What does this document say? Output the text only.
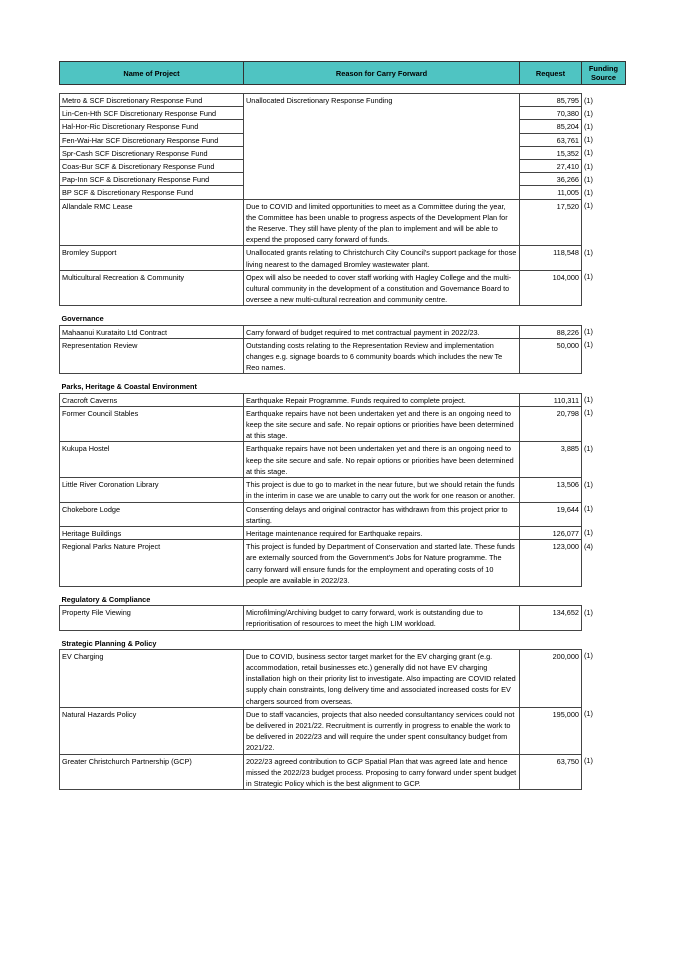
Name of Project	Reason for Carry Forward	Request	Funding Source
Metro & SCF Discretionary Response Fund	Unallocated Discretionary Response Funding	85,795	(1)
Lin-Cen-Hth SCF Discretionary Response Fund		70,380	(1)
Hal-Hor-Ric Discretionary Response Fund		85,204	(1)
Fen-Wai-Har SCF Discretionary Response Fund		63,761	(1)
Spr-Cash SCF Discretionary Response Fund		15,352	(1)
Coas-Bur SCF & Discretionary Response Fund		27,410	(1)
Pap-Inn SCF & Discretionary Response Fund		36,266	(1)
BP SCF & Discretionary Response Fund		11,005	(1)
Allandale RMC Lease	Due to COVID and limited opportunities to meet as a Committee during the year, the Committee has been unable to progress aspects of the Development Plan for the Reserve. They still have plenty of the plan to implement and will be able to expend the proposed carry forward of funds.	17,520	(1)
Bromley Support	Unallocated grants relating to Christchurch City Council's support package for those living nearest to the damaged Bromley wastewater plant.	118,548	(1)
Multicultural Recreation & Community	Opex will also be needed to cover staff working with Hagley College and the multi-cultural community in the development of a constitution and Governance Board to oversee a new multi-cultural recreation and community centre.	104,000	(1)

Governance			
Mahaanui Kurataito Ltd Contract	Carry forward of budget required to met contractual payment in 2022/23.	88,226	(1)
Representation Review	Outstanding costs relating to the Representation Review and implementation changes e.g. signage boards to 6 community boards which includes the new Te Reo names.	50,000	(1)

Parks, Heritage & Coastal Environment			
Cracroft Caverns	Earthquake Repair Programme. Funds required to complete project.	110,311	(1)
Former Council Stables	Earthquake repairs have not been undertaken yet and there is an ongoing need to keep the site secure and safe. No repair options or priorities have been determined at this stage.	20,798	(1)
Kukupa Hostel	Earthquake repairs have not been undertaken yet and there is an ongoing need to keep the site secure and safe. No repair options or priorities have been determined at this stage.	3,885	(1)
Little River Coronation Library	This project is due to go to market in the near future, but we should retain the funds in the interim in case we are unable to carry out the work for one reason or another.	13,506	(1)
Chokebore Lodge	Consenting delays and original contractor has withdrawn from this project prior to starting.	19,644	(1)
Heritage Buildings	Heritage maintenance required for Earthquake repairs.	126,077	(1)
Regional Parks Nature Project	This project is funded by Department of Conservation and started late. These funds are externally sourced from the Government's Jobs for Nature programme. The carry forward will ensure funds for the employment and operating costs of 10 people are available in 2022/23.	123,000	(4)

Regulatory & Compliance			
Property File Viewing	Microfilming/Archiving budget to carry forward, work is outstanding due to reprioritisation of resources to meet the high LIM workload.	134,652	(1)

Strategic Planning & Policy			
EV Charging	Due to COVID, business sector target market for the EV charging grant (e.g. accommodation, retail businesses etc.) generally did not have EV charging installation high on their priority list to investigate. Also impacting are COVID related supply chain constraints, long delivery time and associated increased costs for EV chargers sourced from overseas.	200,000	(1)
Natural Hazards Policy	Due to staff vacancies, projects that also needed consultantancy services could not be delivered in 2021/22. Recruitment is currently in progress to enable the work to be delivered in 2022/23 and will require the under spent consultancy budget from 2021/22.	195,000	(1)
Greater Christchurch Partnership (GCP)	2022/23 agreed contribution to GCP Spatial Plan that was agreed late and hence missed the 2022/23 budget process. Proposing to carry forward under spent budget in Strategic Policy which is the best alignment to GCP.	63,750	(1)
